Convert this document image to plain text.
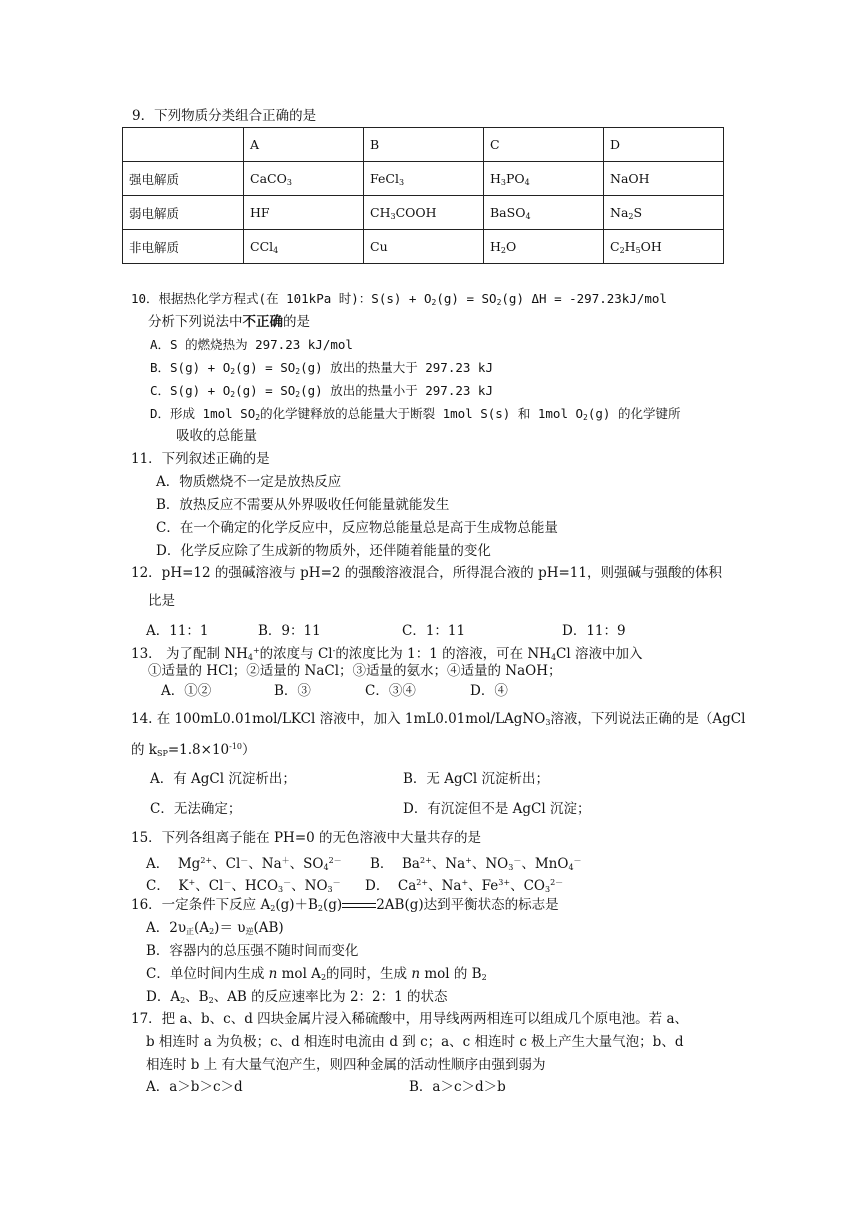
9．下列物质分类组合正确的是
	A	B	C	D
强电解质	CaCO$_3$	FeCl$_3$	$H_3PO_4$	NaOH
弱电解质	HF	$CH_3COOH$	BaSO$_4$	$Na_2S$
非电解质	CCl$_4$	Cu	$H_2O$	$C_2H_5OH$
10．根据热化学方程式(在 101kPa 时)：$S(s) + O_2(g) = SO_2(g) \Delta H = -297.23kJ/mol$
分析下列说法中不正确的是
A．S 的燃烧热为 297.23 kJ/mol
B．$S(g) + O_2(g) = SO_2(g)$ 放出的热量大于 297.23 kJ
C．$S(g) + O_2(g) = SO_2(g)$ 放出的热量小于 297.23 kJ
D．形成 1mol $SO_2$的化学键释放的总能量大于断裂 1mol S(s) 和 1mol $O_2(g)$ 的化学键所
吸收的总能量
11．下列叙述正确的是
A．物质燃烧不一定是放热反应
B．放热反应不需要从外界吸收任何能量就能发生
C．在一个确定的化学反应中，反应物总能量总是高于生成物总能量
D．化学反应除了生成新的物质外，还伴随着能量的变化
12．pH=12 的强碱溶液与 pH=2 的强酸溶液混合，所得混合液的 pH=11，则强碱与强酸的体积
比是
A．11：1	B．9：11	C．1：11	D．11：9
13． 为了配制 $NH_4^+$的浓度与 Cl-的浓度比为 1：1 的溶液，可在 $NH_4Cl$ 溶液中加入
①适量的 HCl；②适量的 NaCl；③适量的氨水；④适量的 NaOH；
A．①②	B．③	C．③④	D．④
14. 在 100mL0.01mol/LKCl 溶液中，加入 1mL0.01mol/LAgNO$_3$溶液，下列说法正确的是（AgCl
的 $k_{SP}=1.8\times 10^{-10}$）
A．有 AgCl 沉淀析出；	B．无 AgCl 沉淀析出；
C．无法确定；	D．有沉淀但不是 AgCl 沉淀；
15．下列各组离子能在 PH=0 的无色溶液中大量共存的是
A．  $Mg^{2+}$、Cl－、Na＋、$SO_4^{2-}$ B．  $Ba^{2+}$、Na+、$NO_3^-$、MnO$_4$－
C．  K+、Cl－、$HCO_3^-$、$NO_3^-$ D．  $Ca^{2+}$、Na+、$Fe^{3+}$、$CO_3^{2-}$
16．一定条件下反应 $A_2(g)+B_2(g)$	2AB(g)达到平衡状态的标志是
A．$2\upsilon_正(A_2)= \upsilon_逆(AB)$
B．容器内的总压强不随时间而变化
C．单位时间内生成 n mol $A_2$的同时，生成 n mol 的 $B_2$
D．$A_2$、$B_2$、AB 的反应速率比为 2：2：1 的状态
17．把 a、b、c、d 四块金属片浸入稀硫酸中，用导线两两相连可以组成几个原电池。若 a、
b 相连时 a 为负极；c、d 相连时电流由 d 到 c；a、c 相连时 c 极上产生大量气泡；b、d
相连时 b 上 有大量气泡产生，则四种金属的活动性顺序由强到弱为
A．a＞b＞c＞d	B．a＞c＞d＞b
